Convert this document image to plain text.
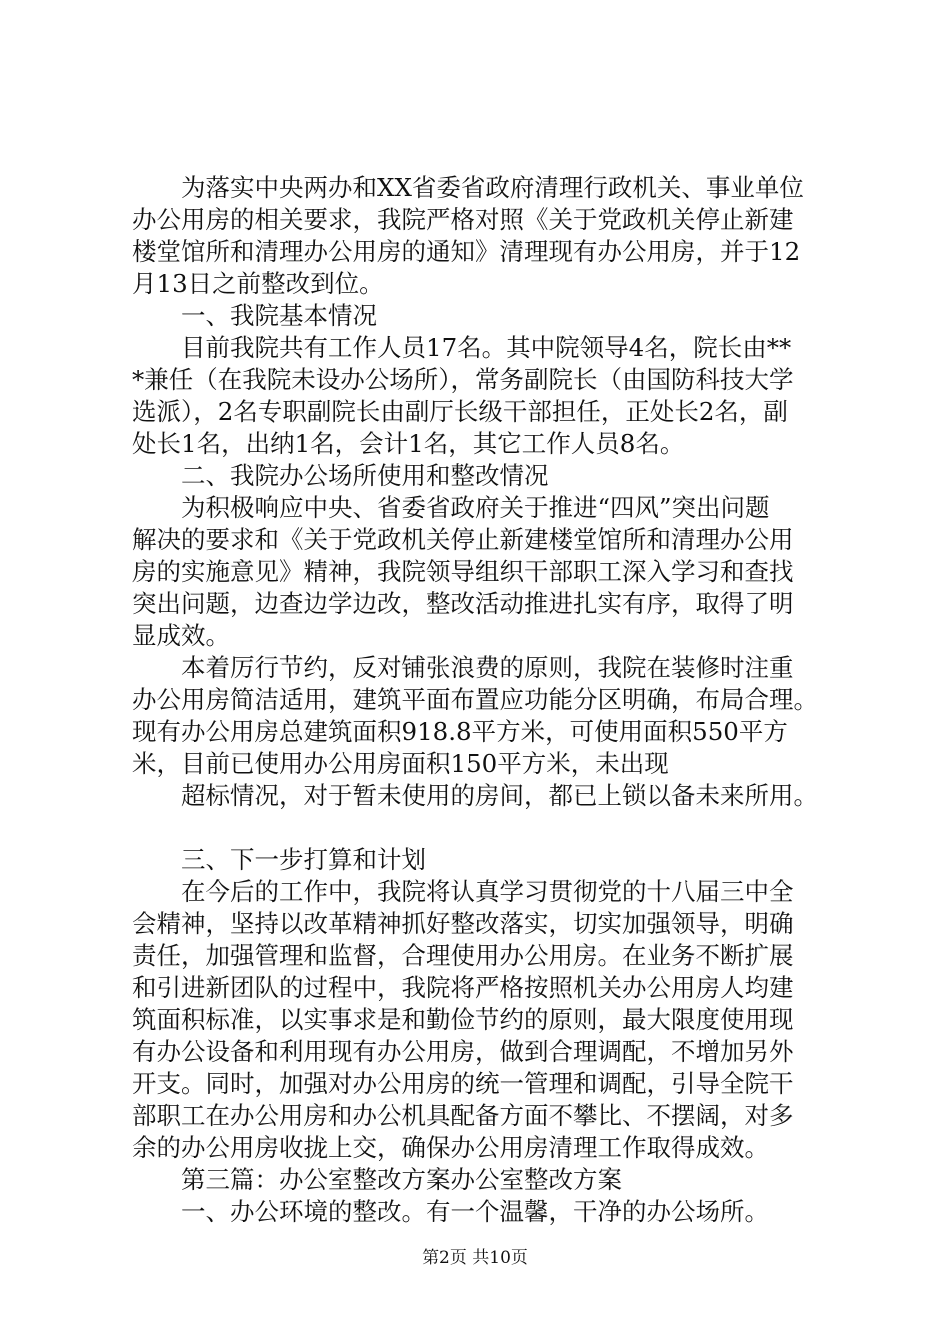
为落实中央两办和XX省委省政府清理行政机关、事业单位
办公用房的相关要求，我院严格对照《关于党政机关停止新建
楼堂馆所和清理办公用房的通知》清理现有办公用房，并于12
月13日之前整改到位。
一、我院基本情况
目前我院共有工作人员17名。其中院领导4名，院长由**
*兼任（在我院未设办公场所），常务副院长（由国防科技大学
选派），2名专职副院长由副厅长级干部担任，正处长2名，副
处长1名，出纳1名，会计1名，其它工作人员8名。
二、我院办公场所使用和整改情况
为积极响应中央、省委省政府关于推进“四风”突出问题
解决的要求和《关于党政机关停止新建楼堂馆所和清理办公用
房的实施意见》精神，我院领导组织干部职工深入学习和查找
突出问题，边查边学边改，整改活动推进扎实有序，取得了明
显成效。
本着厉行节约，反对铺张浪费的原则，我院在装修时注重
办公用房简洁适用，建筑平面布置应功能分区明确，布局合理。
现有办公用房总建筑面积918.8平方米，可使用面积550平方
米，目前已使用办公用房面积150平方米，未出现
超标情况，对于暂未使用的房间，都已上锁以备未来所用。
三、下一步打算和计划
在今后的工作中，我院将认真学习贯彻党的十八届三中全
会精神，坚持以改革精神抓好整改落实，切实加强领导，明确
责任，加强管理和监督，合理使用办公用房。在业务不断扩展
和引进新团队的过程中，我院将严格按照机关办公用房人均建
筑面积标准，以实事求是和勤俭节约的原则，最大限度使用现
有办公设备和利用现有办公用房，做到合理调配，不增加另外
开支。同时，加强对办公用房的统一管理和调配，引导全院干
部职工在办公用房和办公机具配备方面不攀比、不摆阔，对多
余的办公用房收拢上交，确保办公用房清理工作取得成效。
第三篇：办公室整改方案办公室整改方案
一、办公环境的整改。有一个温馨，干净的办公场所。
第2页 共10页
